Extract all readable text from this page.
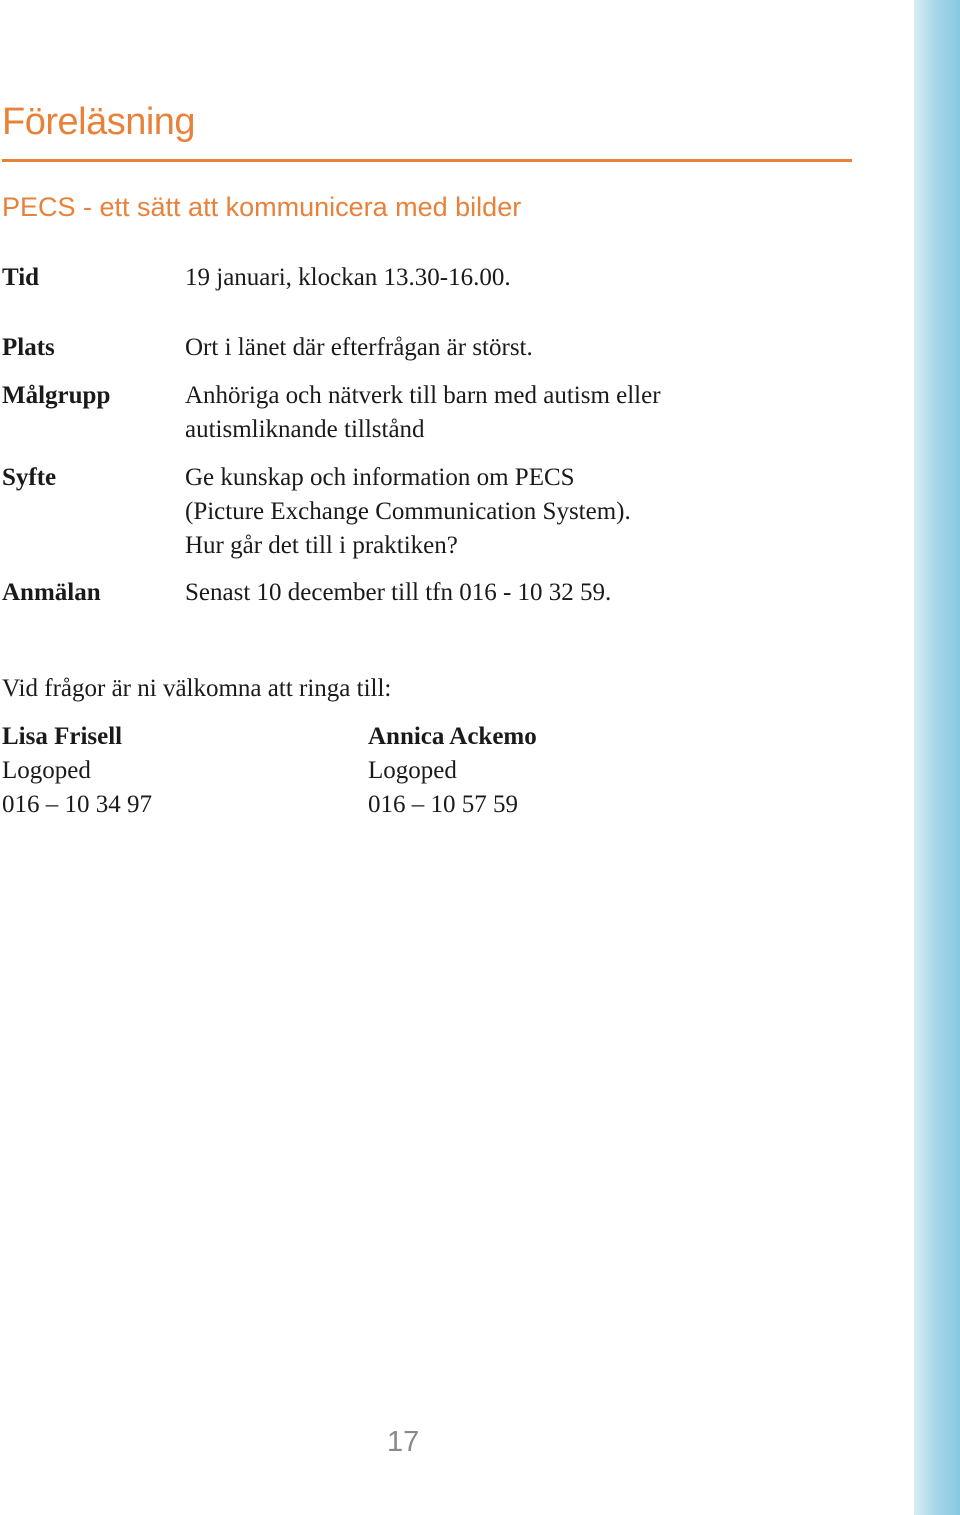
Föreläsning
PECS - ett sätt att kommunicera med bilder
Tid	19 januari, klockan 13.30-16.00.
Plats	Ort i länet där efterfrågan är störst.
Målgrupp	Anhöriga och nätverk till barn med autism eller
autismliknande tillstånd
Syfte	Ge kunskap och information om PECS
(Picture Exchange Communication System).
Hur går det till i praktiken?
Anmälan	Senast 10 december till tfn 016 - 10 32 59.
Vid frågor är ni välkomna att ringa till:
Lisa Frisell
Logoped
016 – 10 34 97
Annica Ackemo
Logoped
016 – 10 57 59
17
